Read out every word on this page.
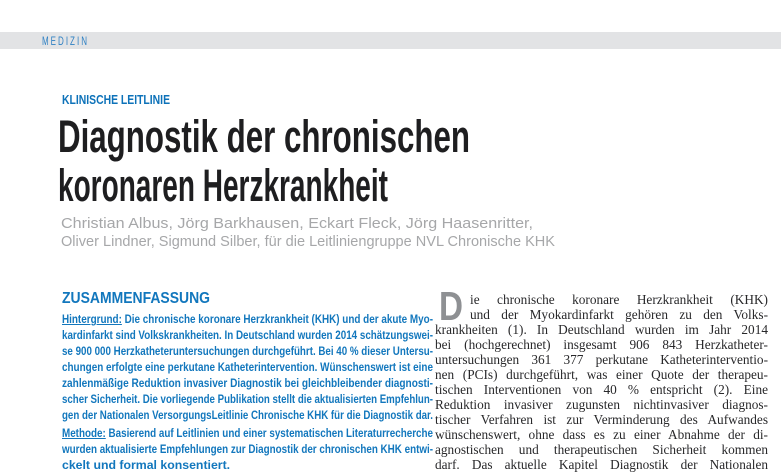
MEDIZIN
KLINISCHE LEITLINIE
Diagnostik der chronischen
koronaren Herzkrankheit
Christian Albus, Jörg Barkhausen, Eckart Fleck, Jörg Haasenritter,
Oliver Lindner, Sigmund Silber, für die Leitliniengruppe NVL Chronische KHK
ZUSAMMENFASSUNG
Hintergrund: Die chronische koronare Herzkrankheit (KHK) und der akute Myo-
kardinfarkt sind Volkskrankheiten. In Deutschland wurden 2014 schätzungswei-
se 900 000 Herzkatheteruntersuchungen durchgeführt. Bei 40 % dieser Untersu-
chungen erfolgte eine perkutane Katheterintervention. Wünschenswert ist eine
zahlenmäßige Reduktion invasiver Diagnostik bei gleichbleibender diagnosti-
scher Sicherheit. Die vorliegende Publikation stellt die aktualisierten Empfehlun-
gen der Nationalen VersorgungsLeitlinie Chronische KHK für die Diagnostik dar.
Methode: Basierend auf Leitlinien und einer systematischen Literaturrecherche
wurden aktualisierte Empfehlungen zur Diagnostik der chronischen KHK entwi-
ckelt und formal konsentiert.
D ie chronische koronare Herzkrankheit (KHK)
und der Myokardinfarkt gehören zu den Volks-
krankheiten (1). In Deutschland wurden im Jahr 2014
bei (hochgerechnet) insgesamt 906 843 Herzkatheter-
untersuchungen 361 377 perkutane Katheterinterventio-
nen (PCIs) durchgeführt, was einer Quote der therapeu-
tischen Interventionen von 40 % entspricht (2). Eine
Reduktion invasiver zugunsten nichtinvasiver diagnos-
tischer Verfahren ist zur Verminderung des Aufwandes
wünschenswert, ohne dass es zu einer Abnahme der di-
agnostischen und therapeutischen Sicherheit kommen
darf. Das aktuelle Kapitel Diagnostik der Nationalen
